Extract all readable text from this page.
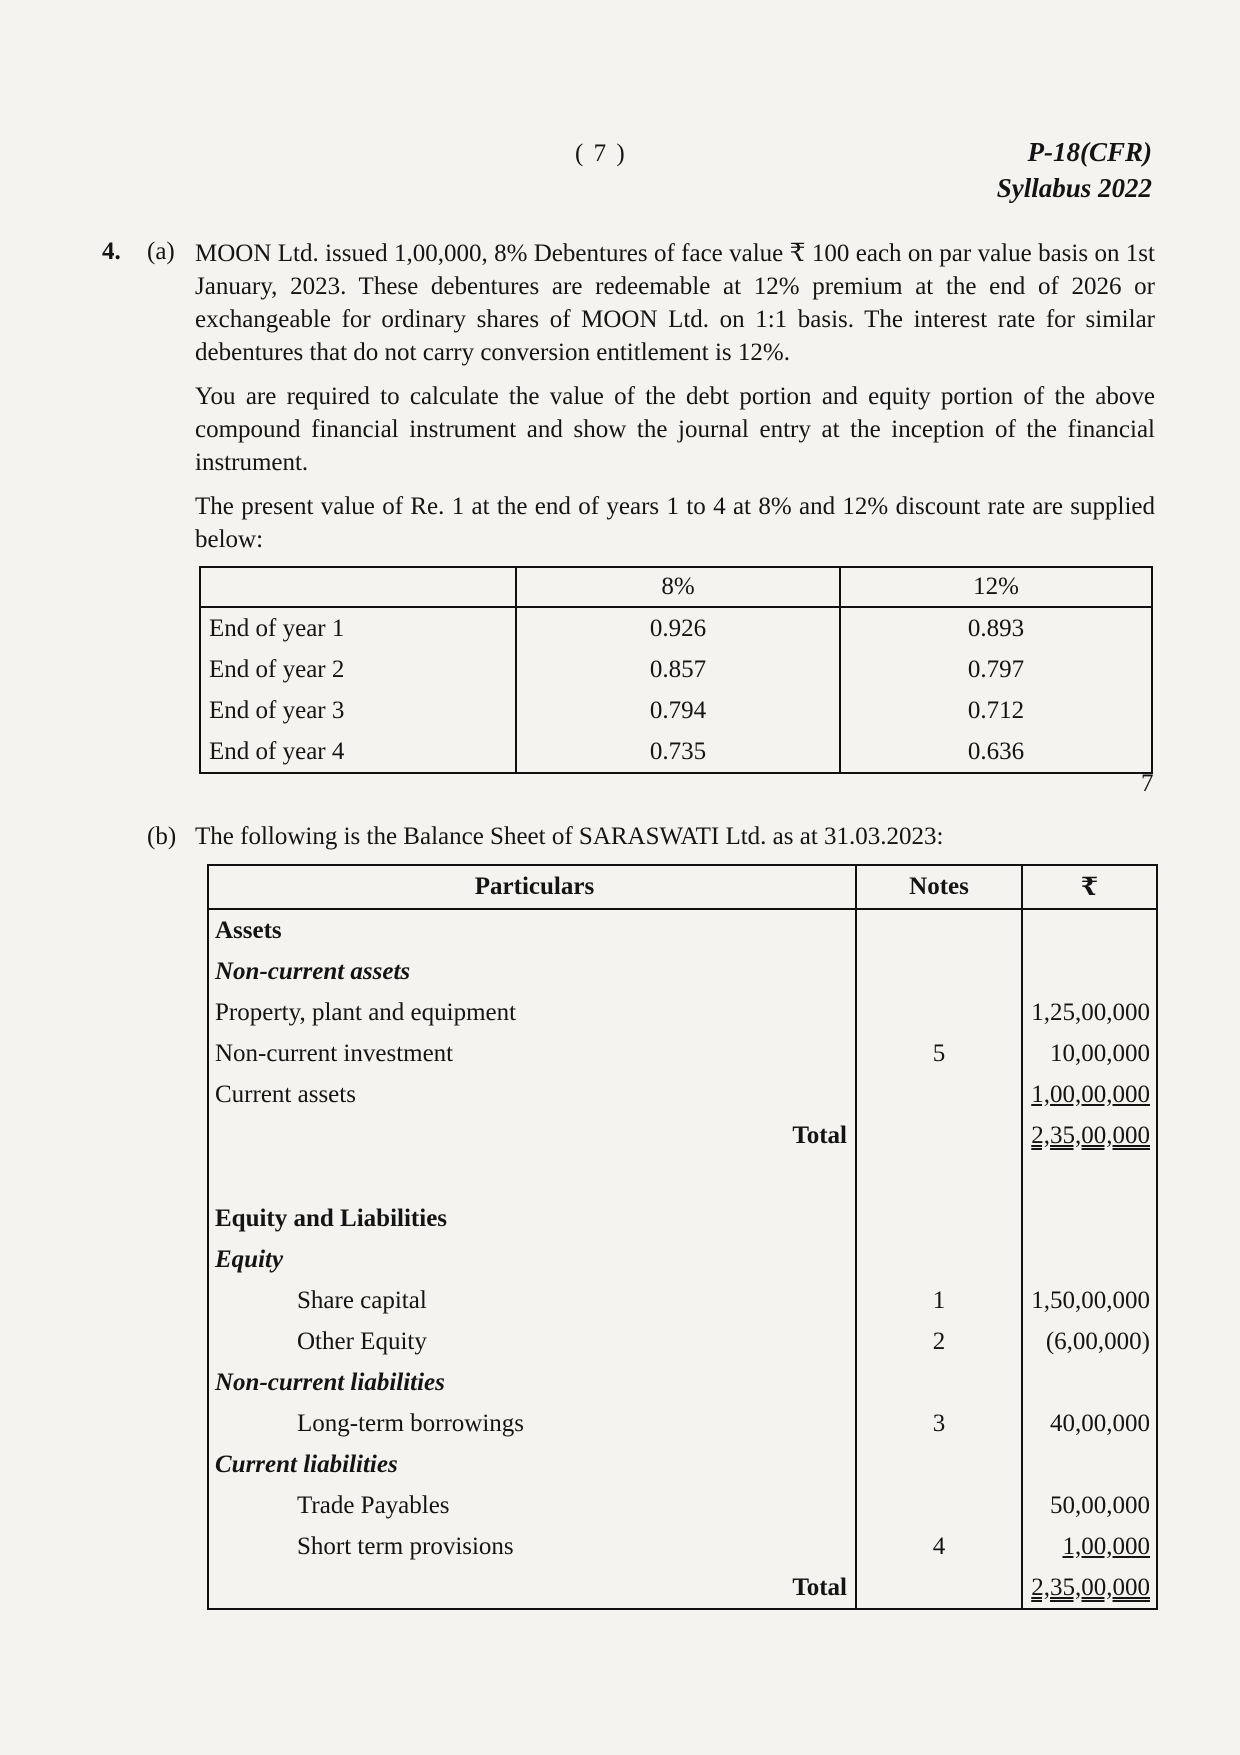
( 7 )	P-18(CFR)
Syllabus 2022
4. (a) MOON Ltd. issued 1,00,000, 8% Debentures of face value ₹ 100 each on par value basis on 1st January, 2023. These debentures are redeemable at 12% premium at the end of 2026 or exchangeable for ordinary shares of MOON Ltd. on 1:1 basis. The interest rate for similar debentures that do not carry conversion entitlement is 12%.
You are required to calculate the value of the debt portion and equity portion of the above compound financial instrument and show the journal entry at the inception of the financial instrument.
The present value of Re. 1 at the end of years 1 to 4 at 8% and 12% discount rate are supplied below:
	8%	12%
End of year 1	0.926	0.893
End of year 2	0.857	0.797
End of year 3	0.794	0.712
End of year 4	0.735	0.636
7
(b) The following is the Balance Sheet of SARASWATI Ltd. as at 31.03.2023:
Particulars	Notes	₹
Assets		
Non-current assets		
Property, plant and equipment		1,25,00,000
Non-current investment	5	10,00,000
Current assets		1,00,00,000
Total		2,35,00,000

Equity and Liabilities		
Equity		
Share capital	1	1,50,00,000
Other Equity	2	(6,00,000)
Non-current liabilities		
Long-term borrowings	3	40,00,000
Current liabilities		
Trade Payables		50,00,000
Short term provisions	4	1,00,000
Total		2,35,00,000
